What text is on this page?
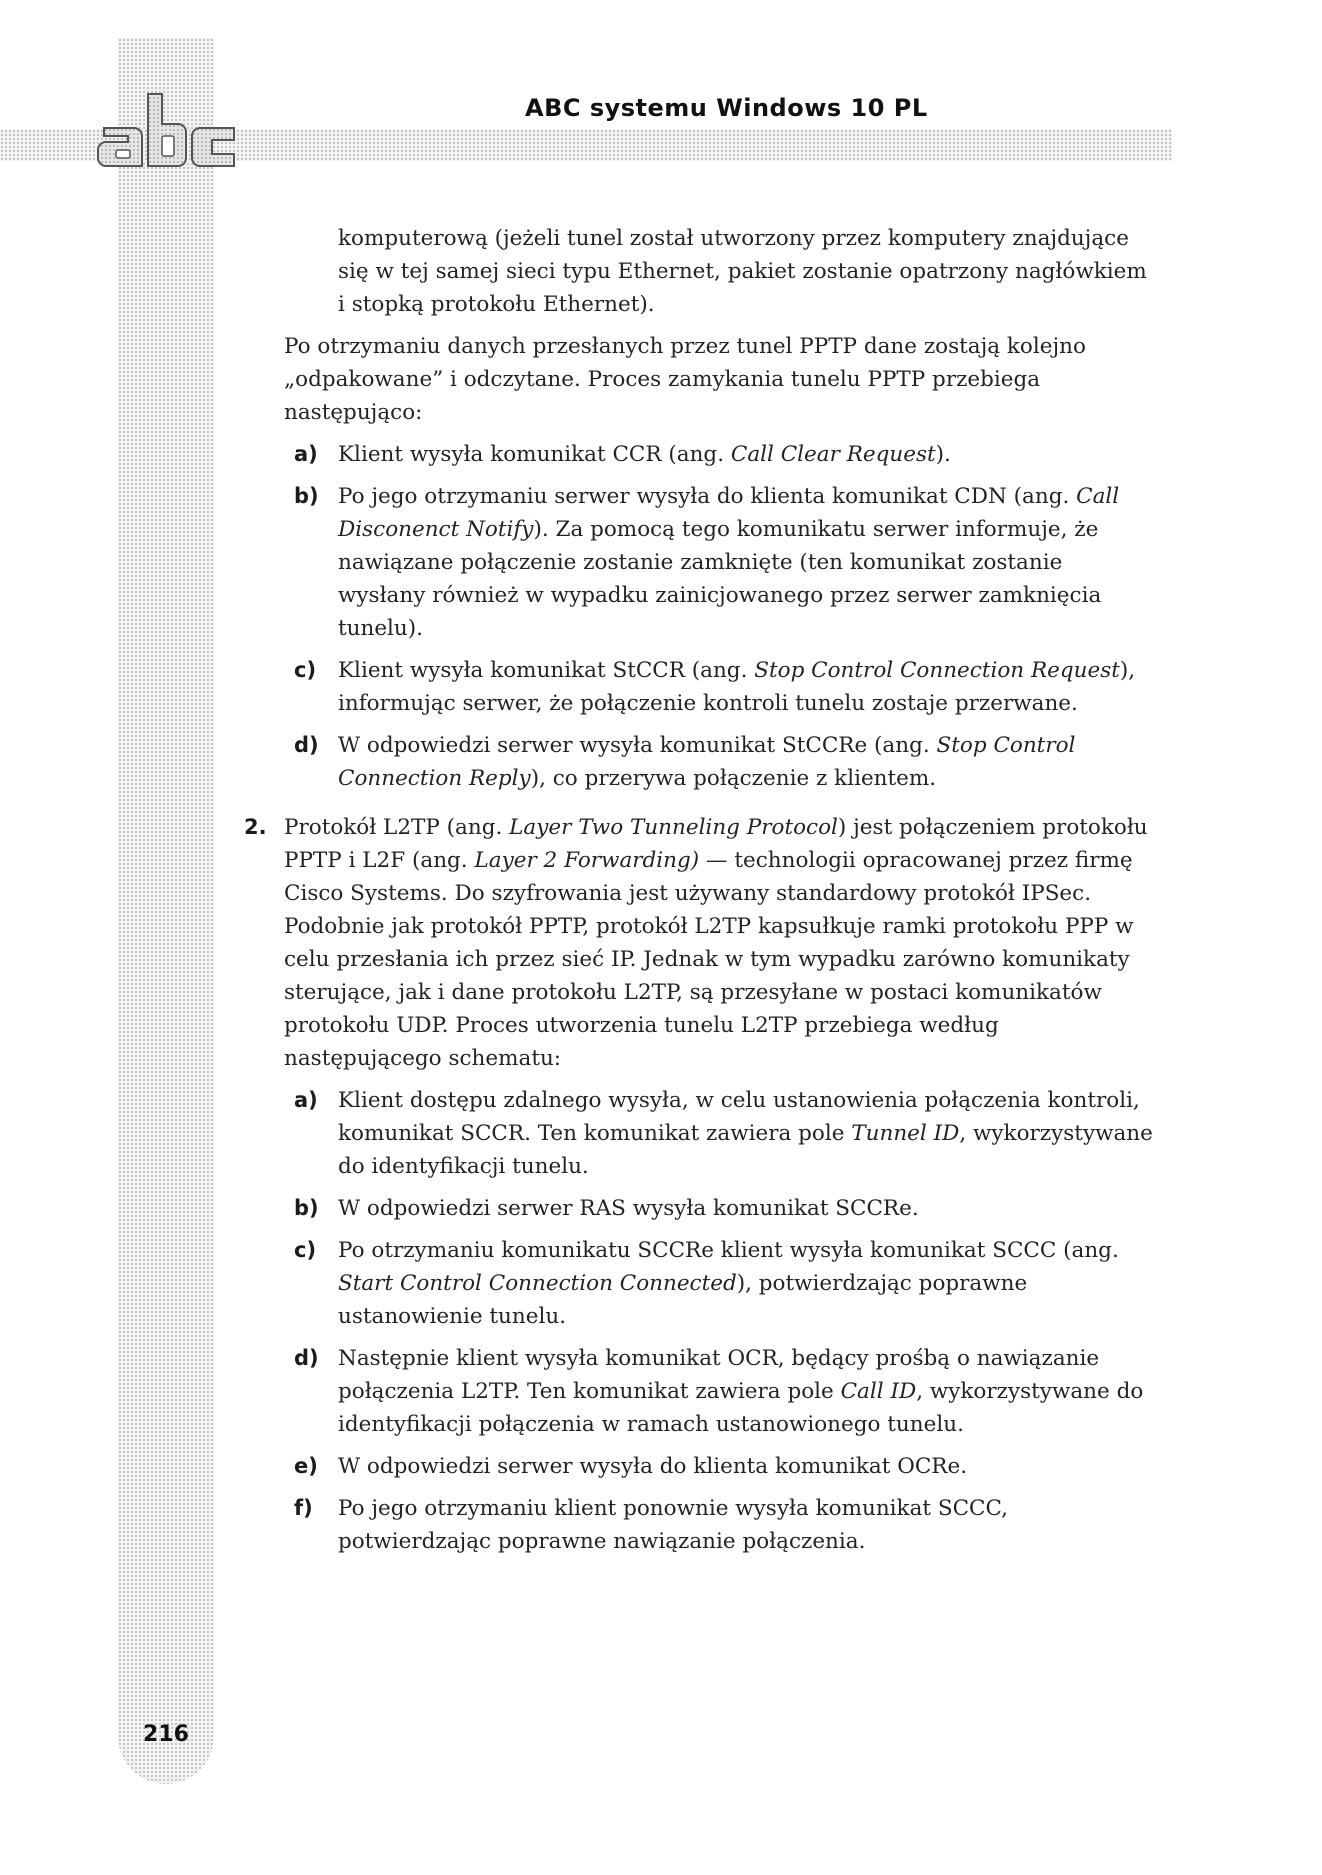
ABC systemu Windows 10 PL

komputerową (jeżeli tunel został utworzony przez komputery znajdujące się w tej samej sieci typu Ethernet, pakiet zostanie opatrzony nagłówkiem i stopką protokołu Ethernet).

Po otrzymaniu danych przesłanych przez tunel PPTP dane zostają kolejno „odpakowane” i odczytane. Proces zamykania tunelu PPTP przebiega następująco:

a) Klient wysyła komunikat CCR (ang. Call Clear Request).
b) Po jego otrzymaniu serwer wysyła do klienta komunikat CDN (ang. Call Disconenct Notify). Za pomocą tego komunikatu serwer informuje, że nawiązane połączenie zostanie zamknięte (ten komunikat zostanie wysłany również w wypadku zainicjowanego przez serwer zamknięcia tunelu).
c)	Klient wysyła komunikat StCCR (ang. Stop Control Connection Request), informując serwer, że połączenie kontroli tunelu zostaje przerwane.
d) W odpowiedzi serwer wysyła komunikat StCCRe (ang. Stop Control Connection Reply), co przerywa połączenie z klientem.
2. Protokół L2TP (ang. Layer Two Tunneling Protocol) jest połączeniem protokołu PPTP i L2F (ang. Layer 2 Forwarding) — technologii opracowanej przez firmę Cisco Systems. Do szyfrowania jest używany standardowy protokół IPSec. Podobnie jak protokół PPTP, protokół L2TP kapsułkuje ramki protokołu PPP w celu przesłania ich przez sieć IP. Jednak w tym wypadku zarówno komunikaty sterujące, jak i dane protokołu L2TP, są przesyłane w postaci komunikatów protokołu UDP. Proces utworzenia tunelu L2TP przebiega według następującego schematu:
a) Klient dostępu zdalnego wysyła, w celu ustanowienia połączenia kontroli, komunikat SCCR. Ten komunikat zawiera pole Tunnel ID, wykorzystywane do identyfikacji tunelu.
b) W odpowiedzi serwer RAS wysyła komunikat SCCRe.
c)	Po otrzymaniu komunikatu SCCRe klient wysyła komunikat SCCC (ang. Start Control Connection Connected), potwierdzając poprawne ustanowienie tunelu.
d) Następnie klient wysyła komunikat OCR, będący prośbą o nawiązanie połączenia L2TP. Ten komunikat zawiera pole Call ID, wykorzystywane do identyfikacji połączenia w ramach ustanowionego tunelu.
e) W odpowiedzi serwer wysyła do klienta komunikat OCRe.
f)	Po jego otrzymaniu klient ponownie wysyła komunikat SCCC, potwierdzając poprawne nawiązanie połączenia.
216
